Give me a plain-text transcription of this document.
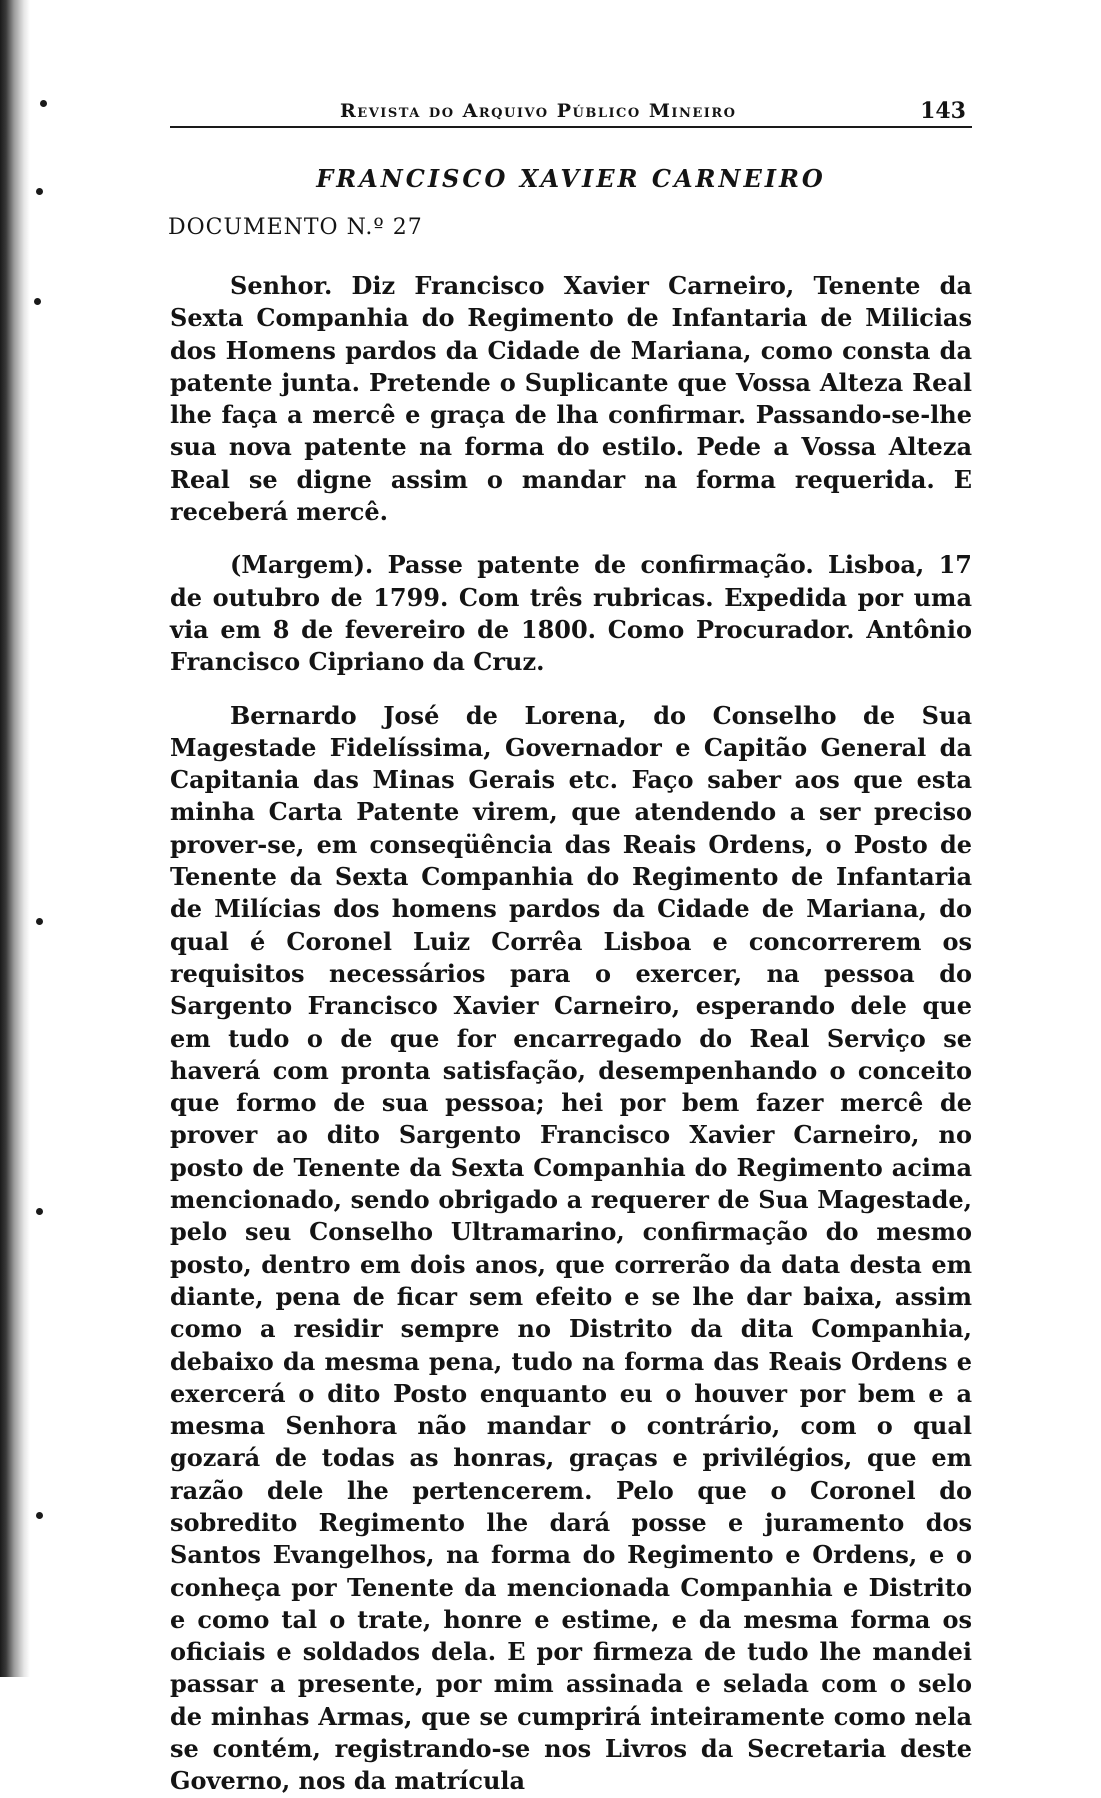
Revista do Arquivo Público Mineiro	143
FRANCISCO XAVIER CARNEIRO
DOCUMENTO N.º 27

Senhor. Diz Francisco Xavier Carneiro, Tenente da Sexta Companhia do Regimento de Infantaria de Milicias dos Homens pardos da Cidade de Mariana, como consta da patente junta. Pretende o Suplicante que Vossa Alteza Real lhe faça a mercê e graça de lha confirmar. Passando-se-lhe sua nova patente na forma do estilo. Pede a Vossa Alteza Real se digne assim o mandar na forma requerida. E receberá mercê.

(Margem). Passe patente de confirmação. Lisboa, 17 de outubro de 1799. Com três rubricas. Expedida por uma via em 8 de fevereiro de 1800. Como Procurador. Antônio Francisco Cipriano da Cruz.

Bernardo José de Lorena, do Conselho de Sua Magestade Fidelíssima, Governador e Capitão General da Capitania das Minas Gerais etc. Faço saber aos que esta minha Carta Patente virem, que atendendo a ser preciso prover-se, em conseqüência das Reais Ordens, o Posto de Tenente da Sexta Companhia do Regimento de Infantaria de Milícias dos homens pardos da Cidade de Mariana, do qual é Coronel Luiz Corrêa Lisboa e concorrerem os requisitos necessários para o exercer, na pessoa do Sargento Francisco Xavier Carneiro, esperando dele que em tudo o de que for encarregado do Real Serviço se haverá com pronta satisfação, desempenhando o conceito que formo de sua pessoa; hei por bem fazer mercê de prover ao dito Sargento Francisco Xavier Carneiro, no posto de Tenente da Sexta Companhia do Regimento acima mencionado, sendo obrigado a requerer de Sua Magestade, pelo seu Conselho Ultramarino, confirmação do mesmo posto, dentro em dois anos, que correrão da data desta em diante, pena de ficar sem efeito e se lhe dar baixa, assim como a residir sempre no Distrito da dita Companhia, debaixo da mesma pena, tudo na forma das Reais Ordens e exercerá o dito Posto enquanto eu o houver por bem e a mesma Senhora não mandar o contrário, com o qual gozará de todas as honras, graças e privilégios, que em razão dele lhe pertencerem. Pelo que o Coronel do sobredito Regimento lhe dará posse e juramento dos Santos Evangelhos, na forma do Regimento e Ordens, e o conheça por Tenente da mencionada Companhia e Distrito e como tal o trate, honre e estime, e da mesma forma os oficiais e soldados dela. E por firmeza de tudo lhe mandei passar a presente, por mim assinada e selada com o selo de minhas Armas, que se cumprirá inteiramente como nela se contém, registrando-se nos Livros da Secretaria deste Governo, nos da matrícula
